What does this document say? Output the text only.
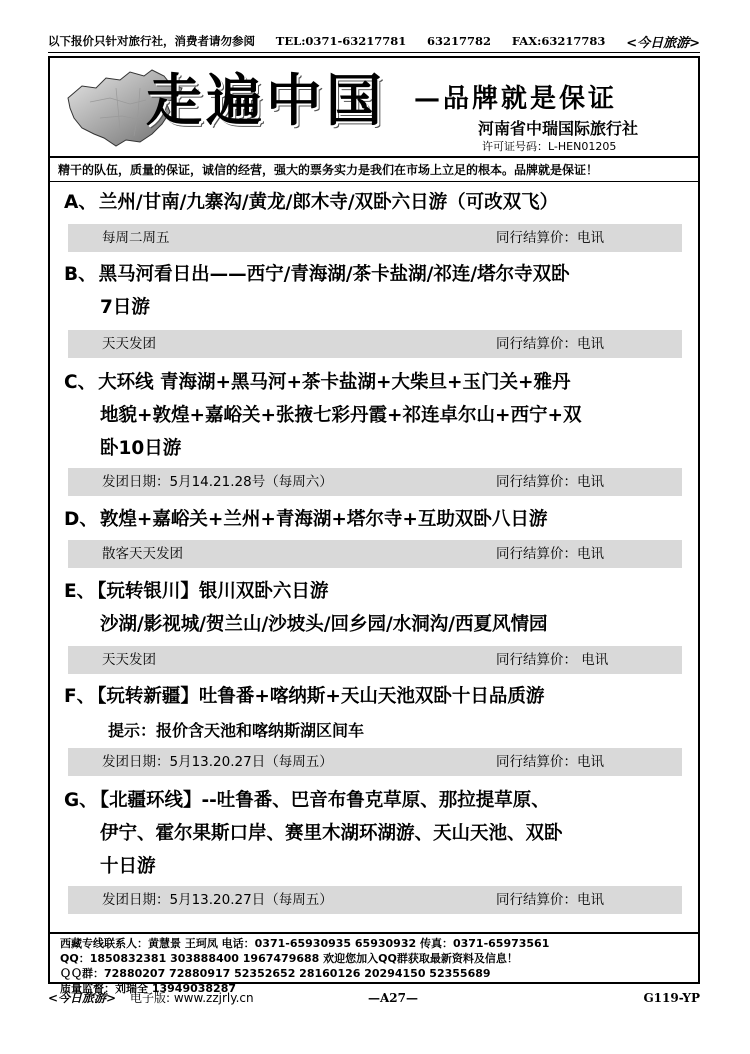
以下报价只针对旅行社，消费者请勿参阅 TEL:0371-63217781 63217782 FAX:63217783 <今日旅游>
走遍中国 —品牌就是保证
河南省中瑞国际旅行社
许可证号码：L-HEN01205
精干的队伍，质量的保证，诚信的经营，强大的票务实力是我们在市场上立足的根本。品牌就是保证！
A、 兰州/甘南/九寨沟/黄龙/郎木寺/双卧六日游（可改双飞）
每周二周五	同行结算价：电讯
B、 黑马河看日出——西宁/青海湖/茶卡盐湖/祁连/塔尔寺双卧
7日游
天天发团	同行结算价：电讯
C、 大环线 青海湖+黑马河+茶卡盐湖+大柴旦+玉门关+雅丹
地貌+敦煌+嘉峪关+张掖七彩丹霞+祁连卓尔山+西宁+双
卧10日游
发团日期：5月14.21.28号（每周六）	同行结算价：电讯
D、 敦煌+嘉峪关+兰州+青海湖+塔尔寺+互助双卧八日游
散客天天发团	同行结算价：电讯
E、 【玩转银川】银川双卧六日游
沙湖/影视城/贺兰山/沙坡头/回乡园/水洞沟/西夏风情园
天天发团	同行结算价： 电讯
F、 【玩转新疆】吐鲁番+喀纳斯+天山天池双卧十日品质游
提示：报价含天池和喀纳斯湖区间车
发团日期：5月13.20.27日（每周五）	同行结算价：电讯
G、 【北疆环线】--吐鲁番、巴音布鲁克草原、那拉提草原、
伊宁、霍尔果斯口岸、赛里木湖环湖游、天山天池、双卧
十日游
发团日期：5月13.20.27日（每周五）	同行结算价：电讯
西藏专线联系人：黄慧景 王珂凤 电话：0371-65930935 65930932 传真：0371-65973561
QQ：1850832381 303888400 1967479688 欢迎您加入QQ群获取最新资料及信息！
ＱＱ群：72880207 72880917 52352652 28160126 20294150 52355689
质量监督：刘瑞全 13949038287
<今日旅游> 电子版: www.zzjrly.cn	—A27—	G119-YP
